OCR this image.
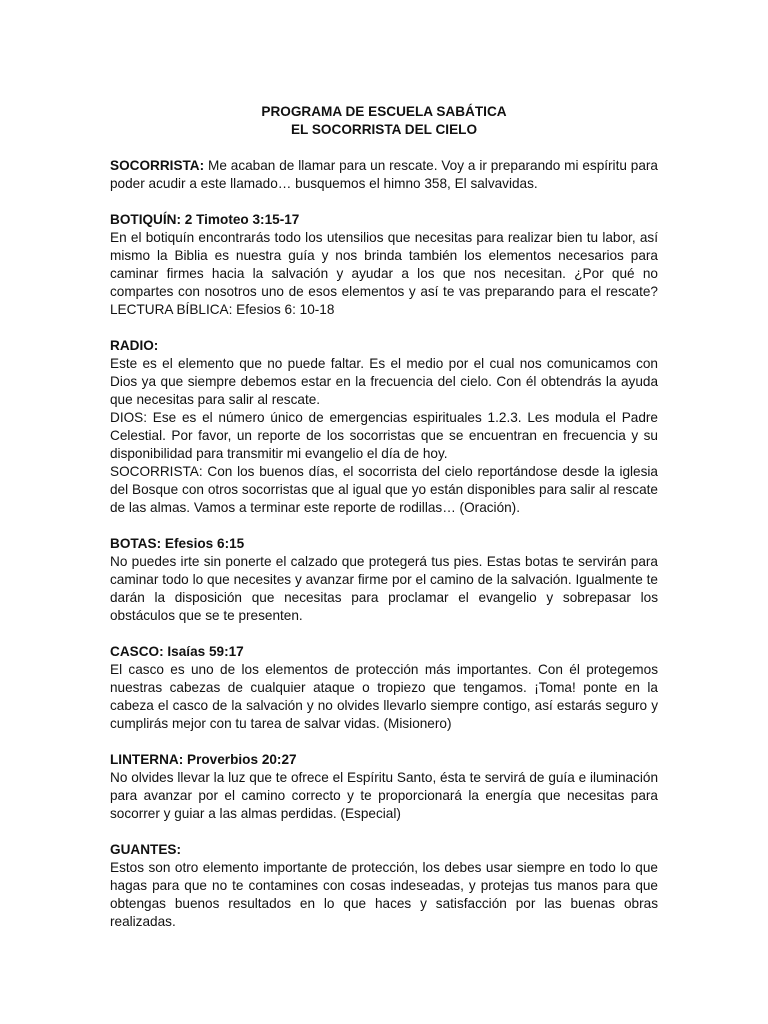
PROGRAMA DE ESCUELA SABÁTICA
EL SOCORRISTA DEL CIELO

SOCORRISTA: Me acaban de llamar para un rescate. Voy a ir preparando mi espíritu para poder acudir a este llamado… busquemos el himno 358, El salvavidas.

BOTIQUÍN: 2 Timoteo 3:15-17

En el botiquín encontrarás todo los utensilios que necesitas para realizar bien tu labor, así mismo la Biblia es nuestra guía y nos brinda también los elementos necesarios para caminar firmes hacia la salvación y ayudar a los que nos necesitan. ¿Por qué no compartes con nosotros uno de esos elementos y así te vas preparando para el rescate? LECTURA BÍBLICA: Efesios 6: 10-18

RADIO:

Este es el elemento que no puede faltar. Es el medio por el cual nos comunicamos con Dios ya que siempre debemos estar en la frecuencia del cielo. Con él obtendrás la ayuda que necesitas para salir al rescate.

DIOS: Ese es el número único de emergencias espirituales 1.2.3. Les modula el Padre Celestial. Por favor, un reporte de los socorristas que se encuentran en frecuencia y su disponibilidad para transmitir mi evangelio el día de hoy.

SOCORRISTA: Con los buenos días, el socorrista del cielo reportándose desde la iglesia del Bosque con otros socorristas que al igual que yo están disponibles para salir al rescate de las almas. Vamos a terminar este reporte de rodillas… (Oración).

BOTAS: Efesios 6:15

No puedes irte sin ponerte el calzado que protegerá tus pies. Estas botas te servirán para caminar todo lo que necesites y avanzar firme por el camino de la salvación. Igualmente te darán la disposición que necesitas para proclamar el evangelio y sobrepasar los obstáculos que se te presenten.

CASCO: Isaías 59:17

El casco es uno de los elementos de protección más importantes. Con él protegemos nuestras cabezas de cualquier ataque o tropiezo que tengamos. ¡Toma! ponte en la cabeza el casco de la salvación y no olvides llevarlo siempre contigo, así estarás seguro y cumplirás mejor con tu tarea de salvar vidas. (Misionero)

LINTERNA: Proverbios 20:27

No olvides llevar la luz que te ofrece el Espíritu Santo, ésta te servirá de guía e iluminación para avanzar por el camino correcto y te proporcionará la energía que necesitas para socorrer y guiar a las almas perdidas. (Especial)

GUANTES:

Estos son otro elemento importante de protección, los debes usar siempre en todo lo que hagas para que no te contamines con cosas indeseadas, y protejas tus manos para que obtengas buenos resultados en lo que haces y satisfacción por las buenas obras realizadas.
